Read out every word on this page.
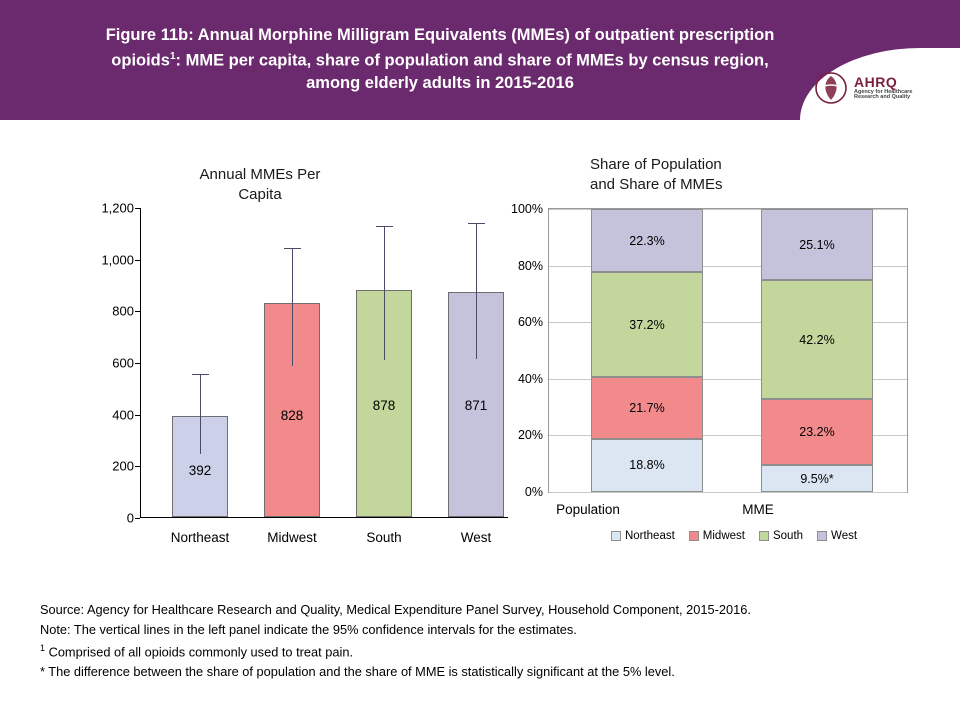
Figure 11b: Annual Morphine Milligram Equivalents (MMEs) of outpatient prescription
opioids$^1$: MME per capita, share of population and share of MMEs by census region,
among elderly adults in 2015-2016	AHRQ
Agency for Healthcare
Research and Quality
Annual MMEs Per
Capita
0
200
400
600
800
1,000
1,200
392
828
878	871
Northeast	Midwest	South	West
Share of Population
and Share of MMEs
100%
80%
60%
40%
20%
0%
18.8%
21.7%
37.2%
22.3%
9.5%*
23.2%
42.2%
25.1%
Population	MME
Northeast Midwest South West
Source: Agency for Healthcare Research and Quality, Medical Expenditure Panel Survey, Household Component, 2015-2016.
Note: The vertical lines in the left panel indicate the 95% confidence intervals for the estimates.
$^1$ Comprised of all opioids commonly used to treat pain.
* The difference between the share of population and the share of MME is statistically significant at the 5% level.
